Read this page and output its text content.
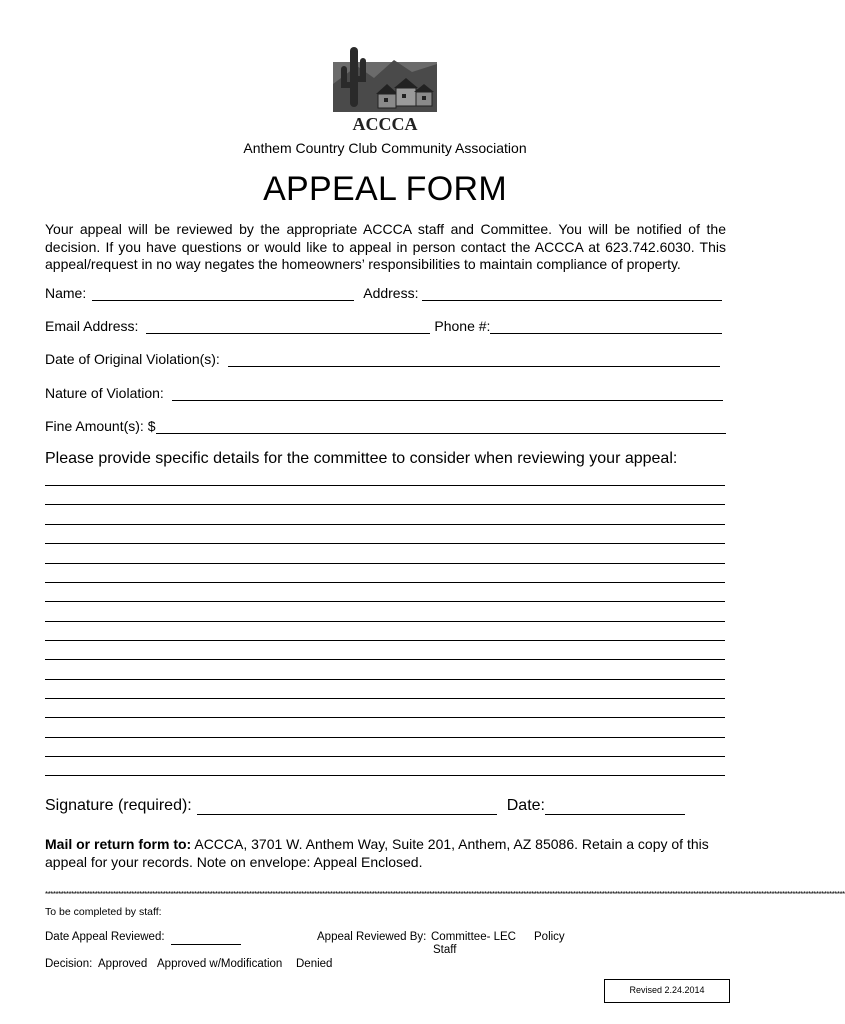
ACCCA
Anthem Country Club Community Association
APPEAL FORM
Your appeal will be reviewed by the appropriate ACCCA staff and Committee. You will be notified of the decision. If you have questions or would like to appeal in person contact the ACCCA at 623.742.6030. This appeal/request in no way negates the homeowners’ responsibilities to maintain compliance of property.
Name:	Address:
Email Address:	Phone #:
Date of Original Violation(s):
Nature of Violation:
Fine Amount(s): $
Please provide specific details for the committee to consider when reviewing your appeal:
Signature (required):	Date:
Mail or return form to: ACCCA, 3701 W. Anthem Way, Suite 201, Anthem, AZ 85086. Retain a copy of this appeal for your records. Note on envelope: Appeal Enclosed.
******************************************************************************************************************************************************************************************************************************************************************************************************************
To be completed by staff:
Date Appeal Reviewed:	Appeal Reviewed By: Committee- LEC
Staff
Policy
Decision: Approved Approved w/Modification Denied
Revised 2.24.2014
